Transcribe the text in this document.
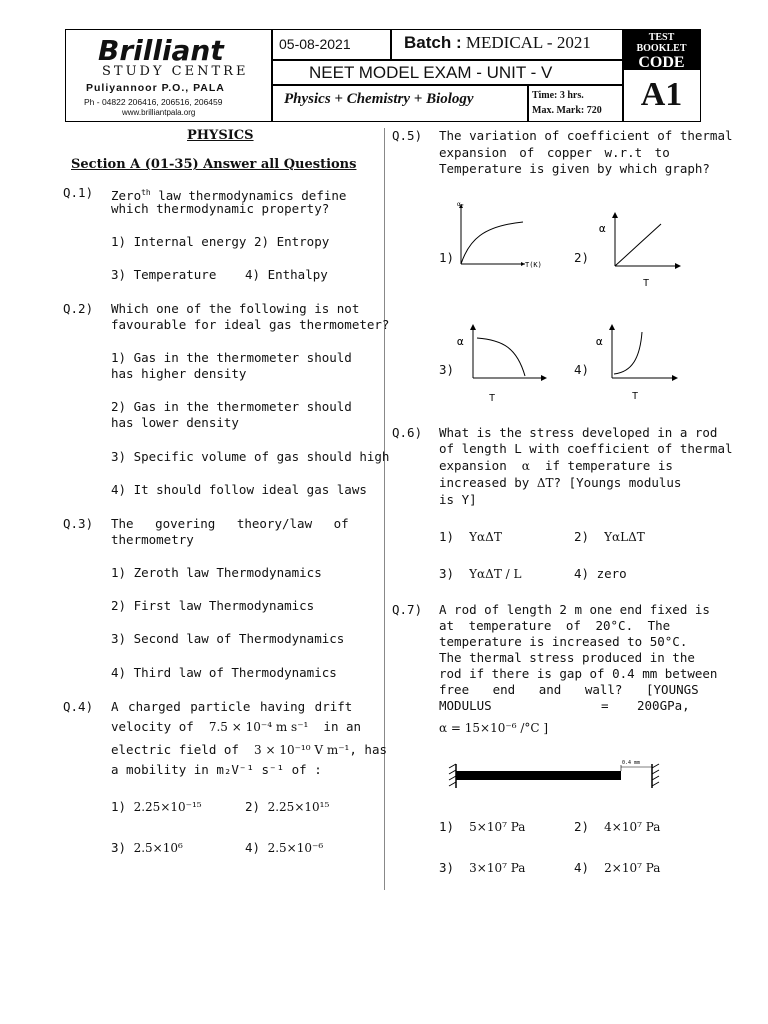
Brilliant
STUDY CENTRE
Puliyannoor P.O., PALA
Ph - 04822 206416, 206516, 206459
www.brilliantpala.org
05-08-2021	Batch : MEDICAL - 2021
NEET MODEL EXAM - UNIT - V
Physics + Chemistry + Biology	Time: 3 hrs.
Max. Mark: 720
TEST BOOKLET
CODE
A1
PHYSICS
Section A (01-35) Answer all Questions
Q.1) Zero$^{th}$ law thermodynamics define
which thermodynamic property?
1) Internal energy 2) Entropy
3) Temperature 4) Enthalpy
Q.2) Which one of the following is not
favourable for ideal gas thermometer?
1) Gas in the thermometer should
has higher density
2) Gas in the thermometer should
has lower density
3) Specific volume of gas should high
4) It should follow ideal gas laws
Q.3) The govering theory/law of
thermometry
1) Zeroth law Thermodynamics
2) First law Thermodynamics
3) Second law of Thermodynamics
4) Third law of Thermodynamics
Q.4) A charged particle having drift
velocity of 7.5 × 10⁻⁴ m s⁻¹ in an
electric field of 3 × 10⁻¹⁰ V m⁻¹, has
a mobility in m₂V⁻¹ s⁻¹ of :
1) 2.25×10⁻¹⁵	2) 2.25×10¹⁵
3) 2.5×10⁶	4) 2.5×10⁻⁶
Q.5) The variation of coefficient of thermal
expansion of copper w.r.t to
Temperature is given by which graph?
1)
αₑ
T(K)	2)
α
T
3)
α
T
4)
α
T
Q.6) What is the stress developed in a rod
of length L with coefficient of thermal
expansion α if temperature is
increased by ΔT? [Youngs modulus
is Y]
1) YαΔT	2) YαLΔT
3) YαΔT / L	4) zero
Q.7) A rod of length 2 m one end fixed is
at temperature of 20°C. The
temperature is increased to 50°C.
The thermal stress produced in the
rod if there is gap of 0.4 mm between
free end and wall? [YOUNGS
MODULUS	= 200GPa,
α = 15×10⁻⁶ /°C ]
0.4 mm
1) 5×10⁷ Pa	2) 4×10⁷ Pa
3) 3×10⁷ Pa	4) 2×10⁷ Pa
